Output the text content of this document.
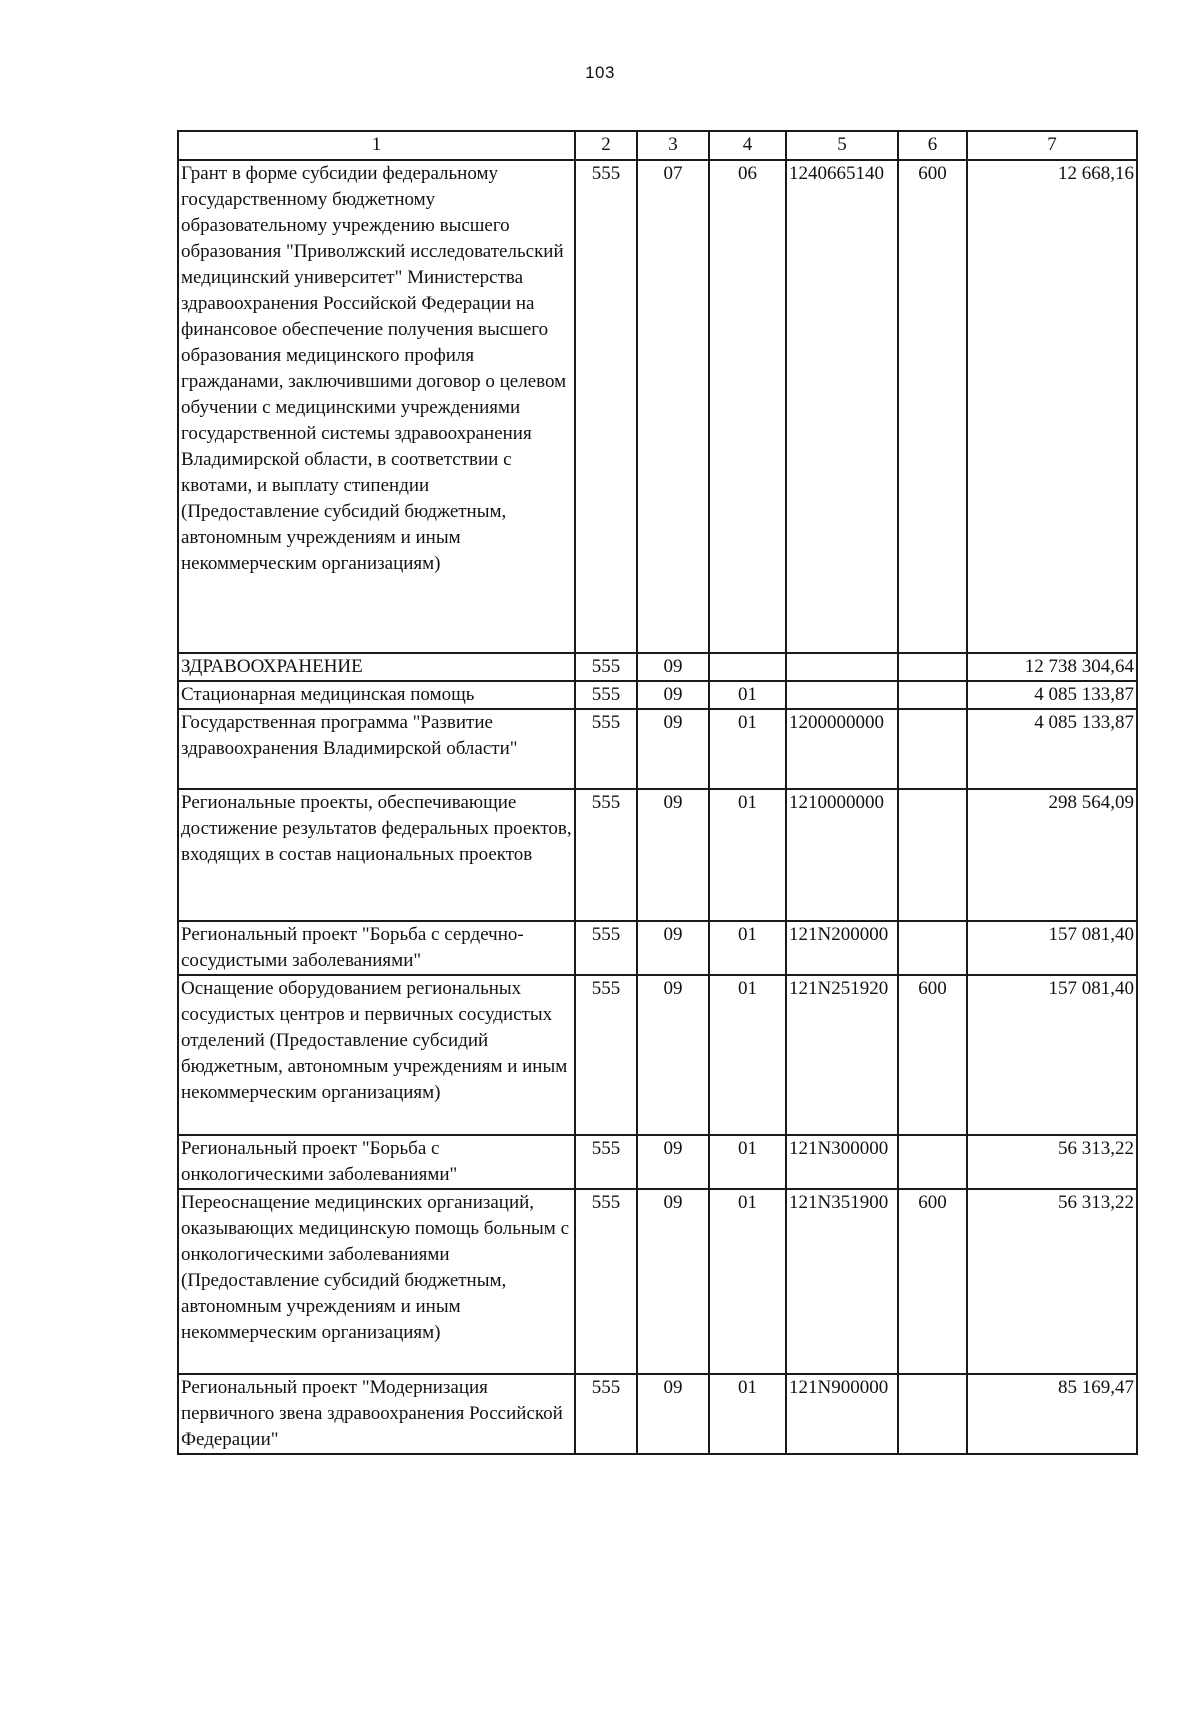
103
1	2	3	4	5	6	7
Грант в форме субсидии федеральному государственному бюджетному образовательному учреждению высшего образования "Приволжский исследовательский медицинский университет" Министерства здравоохранения Российской Федерации на финансовое обеспечение получения высшего образования медицинского профиля гражданами, заключившими договор о целевом обучении с медицинскими учреждениями государственной системы здравоохранения Владимирской области, в соответствии с квотами, и выплату стипендии (Предоставление субсидий бюджетным, автономным учреждениям и иным некоммерческим организациям)	555	07	06	1240665140	600	12 668,16
ЗДРАВООХРАНЕНИЕ	555	09				12 738 304,64
Стационарная медицинская помощь	555	09	01			4 085 133,87
Государственная программа "Развитие здравоохранения Владимирской области"	555	09	01	1200000000		4 085 133,87
Региональные проекты, обеспечивающие достижение результатов федеральных проектов, входящих в состав национальных проектов	555	09	01	1210000000		298 564,09
Региональный проект "Борьба с сердечно-сосудистыми заболеваниями"	555	09	01	121N200000		157 081,40
Оснащение оборудованием региональных сосудистых центров и первичных сосудистых отделений (Предоставление субсидий бюджетным, автономным учреждениям и иным некоммерческим организациям)	555	09	01	121N251920	600	157 081,40
Региональный проект "Борьба с онкологическими заболеваниями"	555	09	01	121N300000		56 313,22
Переоснащение медицинских организаций, оказывающих медицинскую помощь больным с онкологическими заболеваниями (Предоставление субсидий бюджетным, автономным учреждениям и иным некоммерческим организациям)	555	09	01	121N351900	600	56 313,22
Региональный проект "Модернизация первичного звена здравоохранения Российской Федерации"	555	09	01	121N900000		85 169,47
